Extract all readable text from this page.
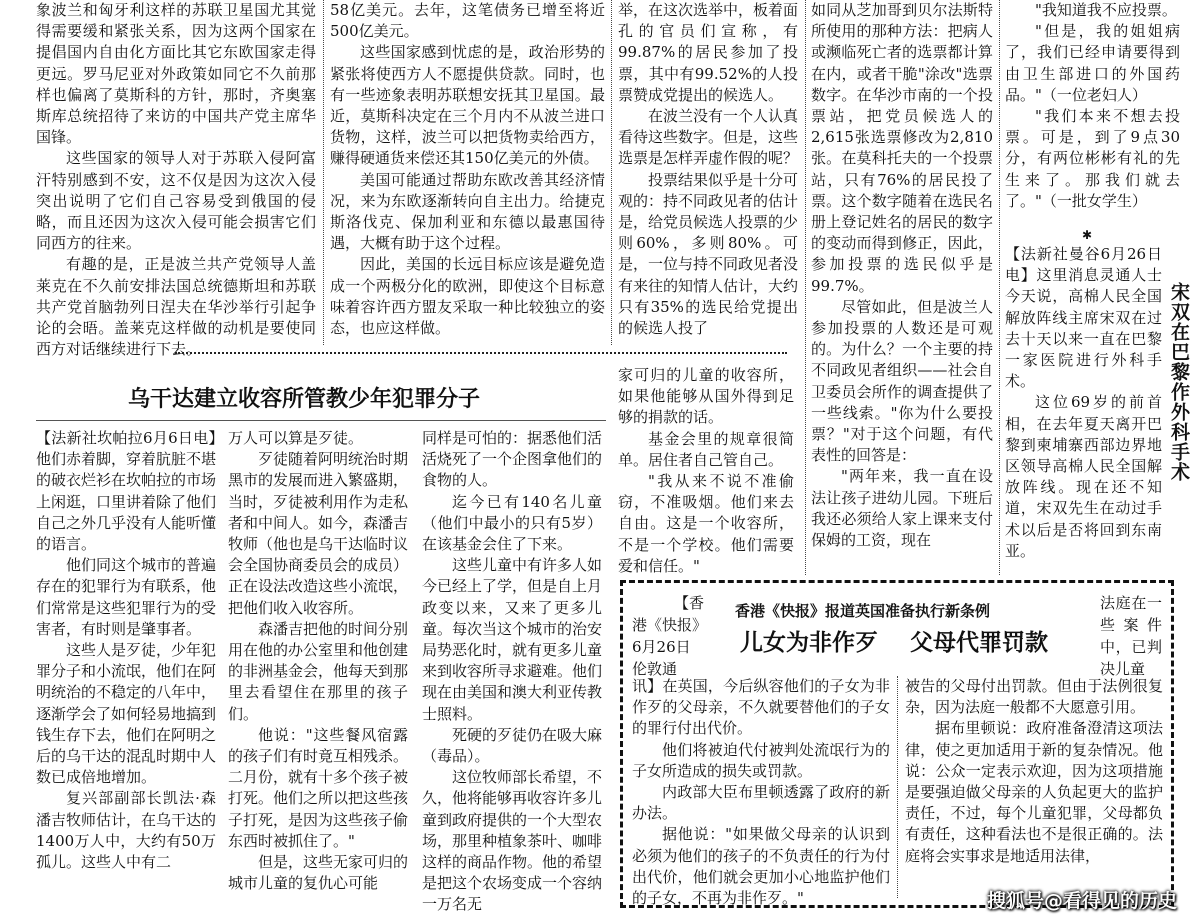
象波兰和匈牙利这样的苏联卫星国尤其觉得需要缓和紧张关系，因为这两个国家在提倡国内自由化方面比其它东欧国家走得更远。罗马尼亚对外政策如同它不久前那样也偏离了莫斯科的方针，那时，齐奥塞斯库总统招待了来访的中国共产党主席华国锋。

这些国家的领导人对于苏联入侵阿富汗特别感到不安，这不仅是因为这次入侵突出说明了它们自己容易受到俄国的侵略，而且还因为这次入侵可能会损害它们同西方的往来。

有趣的是，正是波兰共产党领导人盖莱克在不久前安排法国总统德斯坦和苏联共产党首脑勃列日涅夫在华沙举行引起争论的会晤。盖莱克这样做的动机是要使同西方对话继续进行下去。

58亿美元。去年，这笔债务已增至将近500亿美元。

这些国家感到忧虑的是，政治形势的紧张将使西方人不愿提供贷款。同时，也有一些迹象表明苏联想安抚其卫星国。最近，莫斯科决定在三个月内不从波兰进口货物，这样，波兰可以把货物卖给西方，赚得硬通货来偿还其150亿美元的外债。

美国可能通过帮助东欧改善其经济情况，来为东欧逐渐转向自主出力。给捷克斯洛伐克、保加利亚和东德以最惠国待遇，大概有助于这个过程。

因此，美国的长远目标应该是避免造成一个两极分化的欧洲，即使这个目标意味着容许西方盟友采取一种比较独立的姿态，也应这样做。

举，在这次选举中，板着面孔的官员们宣称，有99.87%的居民参加了投票，其中有99.52%的人投票赞成党提出的候选人。

在波兰没有一个人认真看待这些数字。但是，这些选票是怎样弄虚作假的呢？

投票结果似乎是十分可观的：持不同政见者的估计是，给党员候选人投票的少则60%，多则80%。可是，一位与持不同政见者没有来往的知情人估计，大约只有35%的选民给党提出的候选人投了

如同从芝加哥到贝尔法斯特所使用的那种方法：把病人或濒临死亡者的选票都计算在内，或者干脆"涂改"选票数字。在华沙市南的一个投票站，把党员候选人的2,615张选票修改为2,810张。在莫科托夫的一个投票站，只有76%的居民投了票。这个数字随着在选民名册上登记姓名的居民的数字的变动而得到修正，因此，参加投票的选民似乎是99.7%。

尽管如此，但是波兰人参加投票的人数还是可观的。为什么？一个主要的持不同政见者组织——社会自卫委员会所作的调查提供了一些线索。"你为什么要投票？"对于这个问题，有代表性的回答是：

"两年来，我一直在设法让孩子进幼儿园。下班后我还必须给人家上课来支付保姆的工资，现在

"我知道我不应投票。

"但是，我的姐姐病了，我们已经申请要得到由卫生部进口的外国药品。"（一位老妇人）

"我们本来不想去投票。可是，到了9点30分，有两位彬彬有礼的先生来了。那我们就去了。"（一批女学生）

✱

【法新社曼谷6月26日电】这里消息灵通人士今天说，高棉人民全国解放阵线主席宋双在过去十天以来一直在巴黎一家医院进行外科手术。

这位69岁的前首相，在去年夏天离开巴黎到柬埔寨西部边界地区领导高棉人民全国解放阵线。现在还不知道，宋双先生在动过手术以后是否将回到东南亚。

宋双在巴黎作外科手术
乌干达建立收容所管教少年犯罪分子

【法新社坎帕拉6月6日电】他们赤着脚，穿着肮脏不堪的破衣烂衫在坎帕拉的市场上闲逛，口里讲着除了他们自己之外几乎没有人能听懂的语言。

他们同这个城市的普遍存在的犯罪行为有联系，他们常常是这些犯罪行为的受害者，有时则是肇事者。

这些人是歹徒，少年犯罪分子和小流氓，他们在阿明统治的不稳定的八年中，逐渐学会了如何轻易地搞到钱生存下去，他们在阿明之后的乌干达的混乱时期中人数已成倍地增加。

复兴部副部长凯法·森潘吉牧师估计，在乌干达的1400万人中，大约有50万孤儿。这些人中有二

万人可以算是歹徒。

歹徒随着阿明统治时期黑市的发展而进入繁盛期，当时，歹徒被利用作为走私者和中间人。如今，森潘吉牧师（他也是乌干达临时议会全国协商委员会的成员）正在设法改造这些小流氓，把他们收入收容所。

森潘吉把他的时间分别用在他的办公室里和他创建的非洲基金会，他每天到那里去看望住在那里的孩子们。

他说："这些餐风宿露的孩子们有时竟互相残杀。二月份，就有十多个孩子被打死。他们之所以把这些孩子打死，是因为这些孩子偷东西时被抓住了。"

但是，这些无家可归的城市儿童的复仇心可能

同样是可怕的：据悉他们活活烧死了一个企图拿他们的食物的人。

迄今已有140名儿童（他们中最小的只有5岁）在该基金会住了下来。

这些儿童中有许多人如今已经上了学，但是自上月政变以来，又来了更多儿童。每次当这个城市的治安局势恶化时，就有更多儿童来到收容所寻求避难。他们现在由美国和澳大利亚传教士照料。

死硬的歹徒仍在吸大麻（毒品）。

这位牧师部长希望，不久，他将能够再收容许多儿童到政府提供的一个大型农场，那里种植象茶叶、咖啡这样的商品作物。他的希望是把这个农场变成一个容纳一万名无

家可归的儿童的收容所，如果他能够从国外得到足够的捐款的话。

基金会里的规章很简单。居住者自己管自己。

"我从来不说不准偷窃，不准吸烟。他们来去自由。这是一个收容所，不是一个学校。他们需要爱和信任。"

【香

港《快报》

6月26日

伦敦通

香港《快报》报道英国准备执行新条例
儿女为非作歹 父母代罪罚款

法庭在一些案件中，已判决儿童

讯】在英国，今后纵容他们的子女为非作歹的父母亲，不久就要替他们的子女的罪行付出代价。

他们将被迫代付被判处流氓行为的子女所造成的损失或罚款。

内政部大臣布里顿透露了政府的新办法。

据他说："如果做父母亲的认识到必须为他们的孩子的不负责任的行为付出代价，他们就会更加小心地监护他们的子女，不再为非作歹。"

被告的父母付出罚款。但由于法例很复杂，因为法庭一般都不大愿意引用。

据布里顿说：政府准备澄清这项法律，使之更加适用于新的复杂情况。他说：公众一定表示欢迎，因为这项措施是要强迫做父母亲的人负起更大的监护责任，不过，每个儿童犯罪，父母都负有责任，这种看法也不是很正确的。法庭将会实事求是地适用法律，

搜狐号@看得见的历史
